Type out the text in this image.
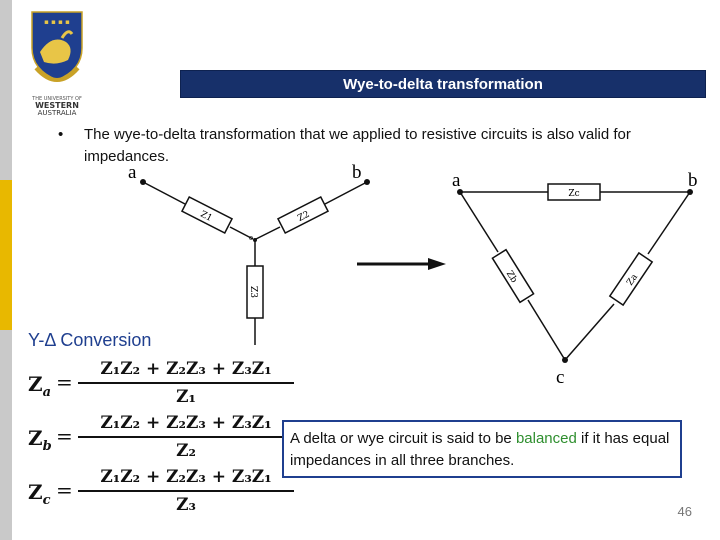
▪ ▪ ▪ ▪
THE UNIVERSITY OF
WESTERN
AUSTRALIA
Wye-to-delta transformation
• The wye-to-delta transformation that we applied to resistive circuits is also valid for impedances.
Z1	Z2
Z3
a	b
o
Zc
Zb	Za
a	b
c
Y-Δ Conversion
$Z_a$ =
Z₁Z₂ + Z₂Z₃ + Z₃Z₁
Z₁
$Z_b$ =
Z₁Z₂ + Z₂Z₃ + Z₃Z₁
Z₂
$Z_c$ =
Z₁Z₂ + Z₂Z₃ + Z₃Z₁
Z₃
A delta or wye circuit is said to be balanced if it has equal impedances in all three branches.
46
